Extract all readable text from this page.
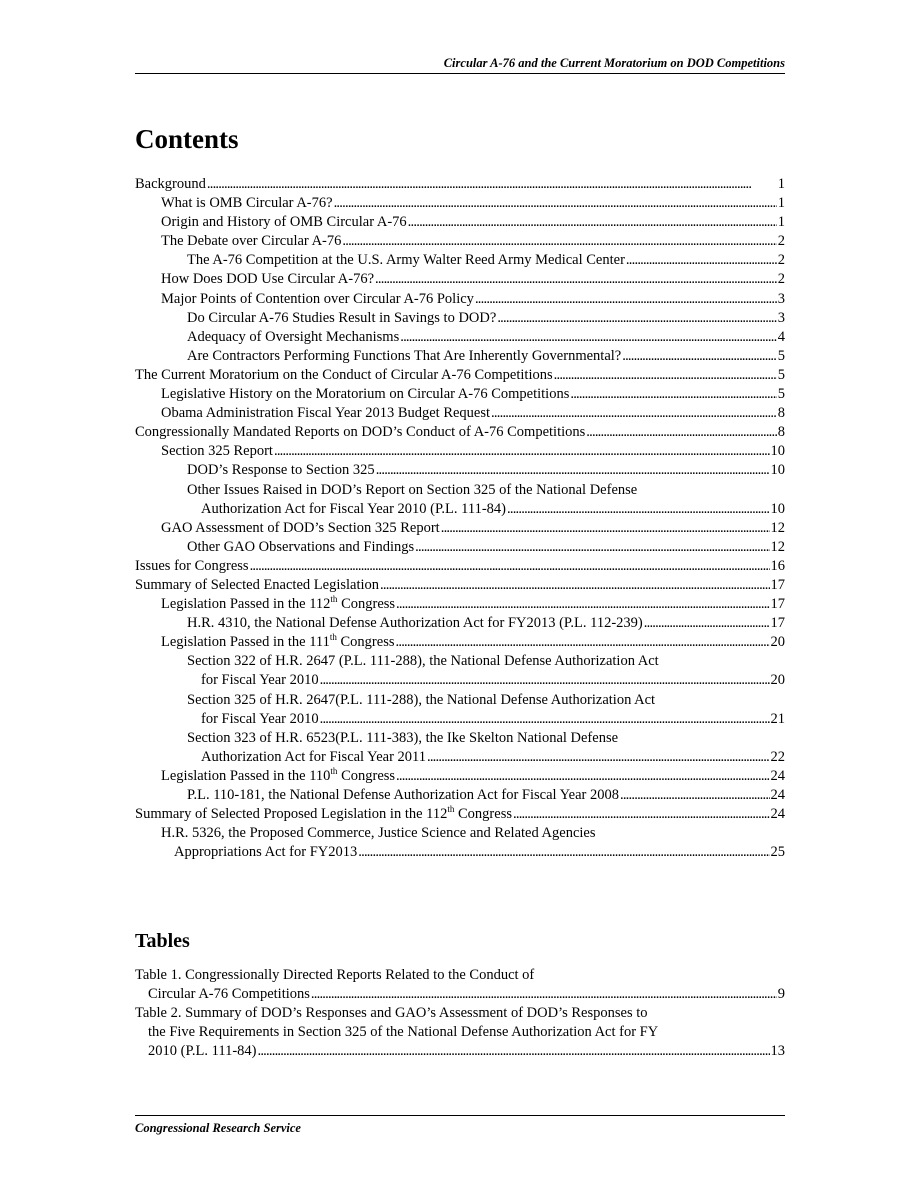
Circular A-76 and the Current Moratorium on DOD Competitions
Contents
Background . . .	1
What is OMB Circular A-76? . . .	1
Origin and History of OMB Circular A-76 . . .	1
The Debate over Circular A-76 . . .	2
The A-76 Competition at the U.S. Army Walter Reed Army Medical Center . . .	2
How Does DOD Use Circular A-76? . . .	2
Major Points of Contention over Circular A-76 Policy . . .	3
Do Circular A-76 Studies Result in Savings to DOD? . . .	3
Adequacy of Oversight Mechanisms . . .	4
Are Contractors Performing Functions That Are Inherently Governmental? . . .	5
The Current Moratorium on the Conduct of Circular A-76 Competitions . . .	5
Legislative History on the Moratorium on Circular A-76 Competitions . . .	5
Obama Administration Fiscal Year 2013 Budget Request . . .	8
Congressionally Mandated Reports on DOD’s Conduct of A-76 Competitions . . .	8
Section 325 Report . . .	10
DOD’s Response to Section 325 . . .	10
Other Issues Raised in DOD’s Report on Section 325 of the National Defense
Authorization Act for Fiscal Year 2010 (P.L. 111-84) . . .	10
GAO Assessment of DOD’s Section 325 Report . . .	12
Other GAO Observations and Findings . . .	12
Issues for Congress . . .	16
Summary of Selected Enacted Legislation . . .	17
Legislation Passed in the 112th Congress . . .	17
H.R. 4310, the National Defense Authorization Act for FY2013 (P.L. 112-239) . . .	17
Legislation Passed in the 111th Congress . . .	20
Section 322 of H.R. 2647 (P.L. 111-288), the National Defense Authorization Act
for Fiscal Year 2010 . . .	20
Section 325 of H.R. 2647(P.L. 111-288), the National Defense Authorization Act
for Fiscal Year 2010 . . .	21
Section 323 of H.R. 6523(P.L. 111-383), the Ike Skelton National Defense
Authorization Act for Fiscal Year 2011 . . .	22
Legislation Passed in the 110th Congress . . .	24
P.L. 110-181, the National Defense Authorization Act for Fiscal Year 2008 . . .	24
Summary of Selected Proposed Legislation in the 112th Congress . . .	24
H.R. 5326, the Proposed Commerce, Justice Science and Related Agencies
Appropriations Act for FY2013 . . .	25
Tables
Table 1. Congressionally Directed Reports Related to the Conduct of
Circular A-76 Competitions . . .	9
Table 2. Summary of DOD’s Responses and GAO’s Assessment of DOD’s Responses to
the Five Requirements in Section 325 of the National Defense Authorization Act for FY
2010 (P.L. 111-84) . . .	13
Congressional Research Service
